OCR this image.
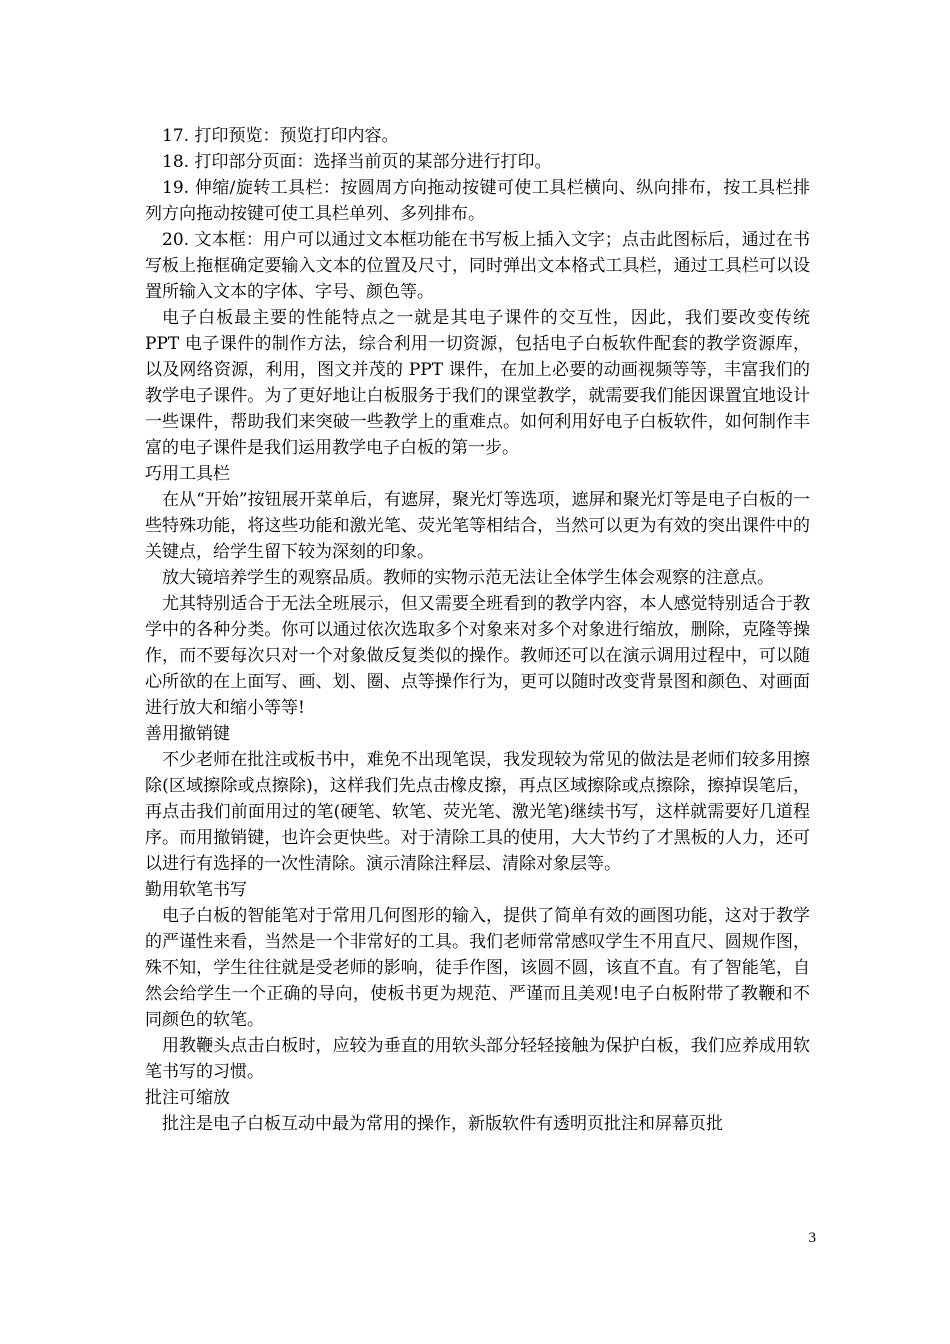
17. 打印预览：预览打印内容。

18. 打印部分页面：选择当前页的某部分进行打印。

19. 伸缩/旋转工具栏：按圆周方向拖动按键可使工具栏横向、纵向排布，按工具栏排列方向拖动按键可使工具栏单列、多列排布。

20. 文本框：用户可以通过文本框功能在书写板上插入文字；点击此图标后，通过在书写板上拖框确定要输入文本的位置及尺寸，同时弹出文本格式工具栏，通过工具栏可以设置所输入文本的字体、字号、颜色等。

电子白板最主要的性能特点之一就是其电子课件的交互性，因此，我们要改变传统 PPT 电子课件的制作方法，综合利用一切资源，包括电子白板软件配套的教学资源库，以及网络资源，利用，图文并茂的 PPT 课件，在加上必要的动画视频等等，丰富我们的教学电子课件。为了更好地让白板服务于我们的课堂教学，就需要我们能因课置宜地设计一些课件，帮助我们来突破一些教学上的重难点。如何利用好电子白板软件，如何制作丰富的电子课件是我们运用教学电子白板的第一步。

巧用工具栏

在从“开始”按钮展开菜单后，有遮屏，聚光灯等选项，遮屏和聚光灯等是电子白板的一些特殊功能，将这些功能和激光笔、荧光笔等相结合，当然可以更为有效的突出课件中的关键点，给学生留下较为深刻的印象。

放大镜培养学生的观察品质。教师的实物示范无法让全体学生体会观察的注意点。

尤其特别适合于无法全班展示，但又需要全班看到的教学内容，本人感觉特别适合于教学中的各种分类。你可以通过依次选取多个对象来对多个对象进行缩放，删除，克隆等操作，而不要每次只对一个对象做反复类似的操作。教师还可以在演示调用过程中，可以随心所欲的在上面写、画、划、圈、点等操作行为，更可以随时改变背景图和颜色、对画面进行放大和缩小等等!

善用撤销键

不少老师在批注或板书中，难免不出现笔误，我发现较为常见的做法是老师们较多用擦除(区域擦除或点擦除)，这样我们先点击橡皮擦，再点区域擦除或点擦除，擦掉误笔后，再点击我们前面用过的笔(硬笔、软笔、荧光笔、激光笔)继续书写，这样就需要好几道程序。而用撤销键，也许会更快些。对于清除工具的使用，大大节约了才黑板的人力，还可以进行有选择的一次性清除。演示清除注释层、清除对象层等。

勤用软笔书写

电子白板的智能笔对于常用几何图形的输入，提供了简单有效的画图功能，这对于教学的严谨性来看，当然是一个非常好的工具。我们老师常常感叹学生不用直尺、圆规作图，殊不知，学生往往就是受老师的影响，徒手作图，该圆不圆，该直不直。有了智能笔，自然会给学生一个正确的导向，使板书更为规范、严谨而且美观!电子白板附带了教鞭和不同颜色的软笔。

用教鞭头点击白板时，应较为垂直的用软头部分轻轻接触为保护白板，我们应养成用软笔书写的习惯。

批注可缩放

批注是电子白板互动中最为常用的操作，新版软件有透明页批注和屏幕页批

3
